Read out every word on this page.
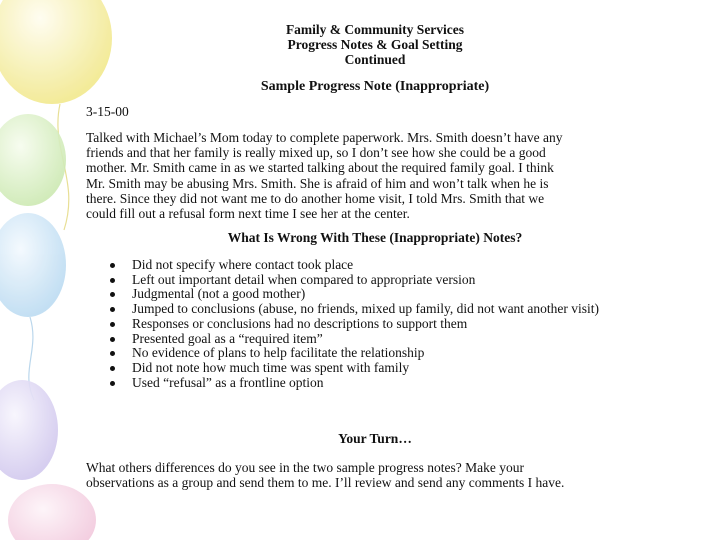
Family & Community Services
Progress Notes & Goal Setting
Continued
Sample Progress Note (Inappropriate)
3-15-00
Talked with Michael’s Mom today to complete paperwork. Mrs. Smith doesn’t have any
friends and that her family is really mixed up, so I don’t see how she could be a good
mother. Mr. Smith came in as we started talking about the required family goal. I think
Mr. Smith may be abusing Mrs. Smith. She is afraid of him and won’t talk when he is
there. Since they did not want me to do another home visit, I told Mrs. Smith that we
could fill out a refusal form next time I see her at the center.
What Is Wrong With These (Inappropriate) Notes?
Did not specify where contact took place
Left out important detail when compared to appropriate version
Judgmental (not a good mother)
Jumped to conclusions (abuse, no friends, mixed up family, did not want another visit)
Responses or conclusions had no descriptions to support them
Presented goal as a “required item”
No evidence of plans to help facilitate the relationship
Did not note how much time was spent with family
Used “refusal” as a frontline option
Your Turn…
What others differences do you see in the two sample progress notes? Make your
observations as a group and send them to me. I’ll review and send any comments I have.
